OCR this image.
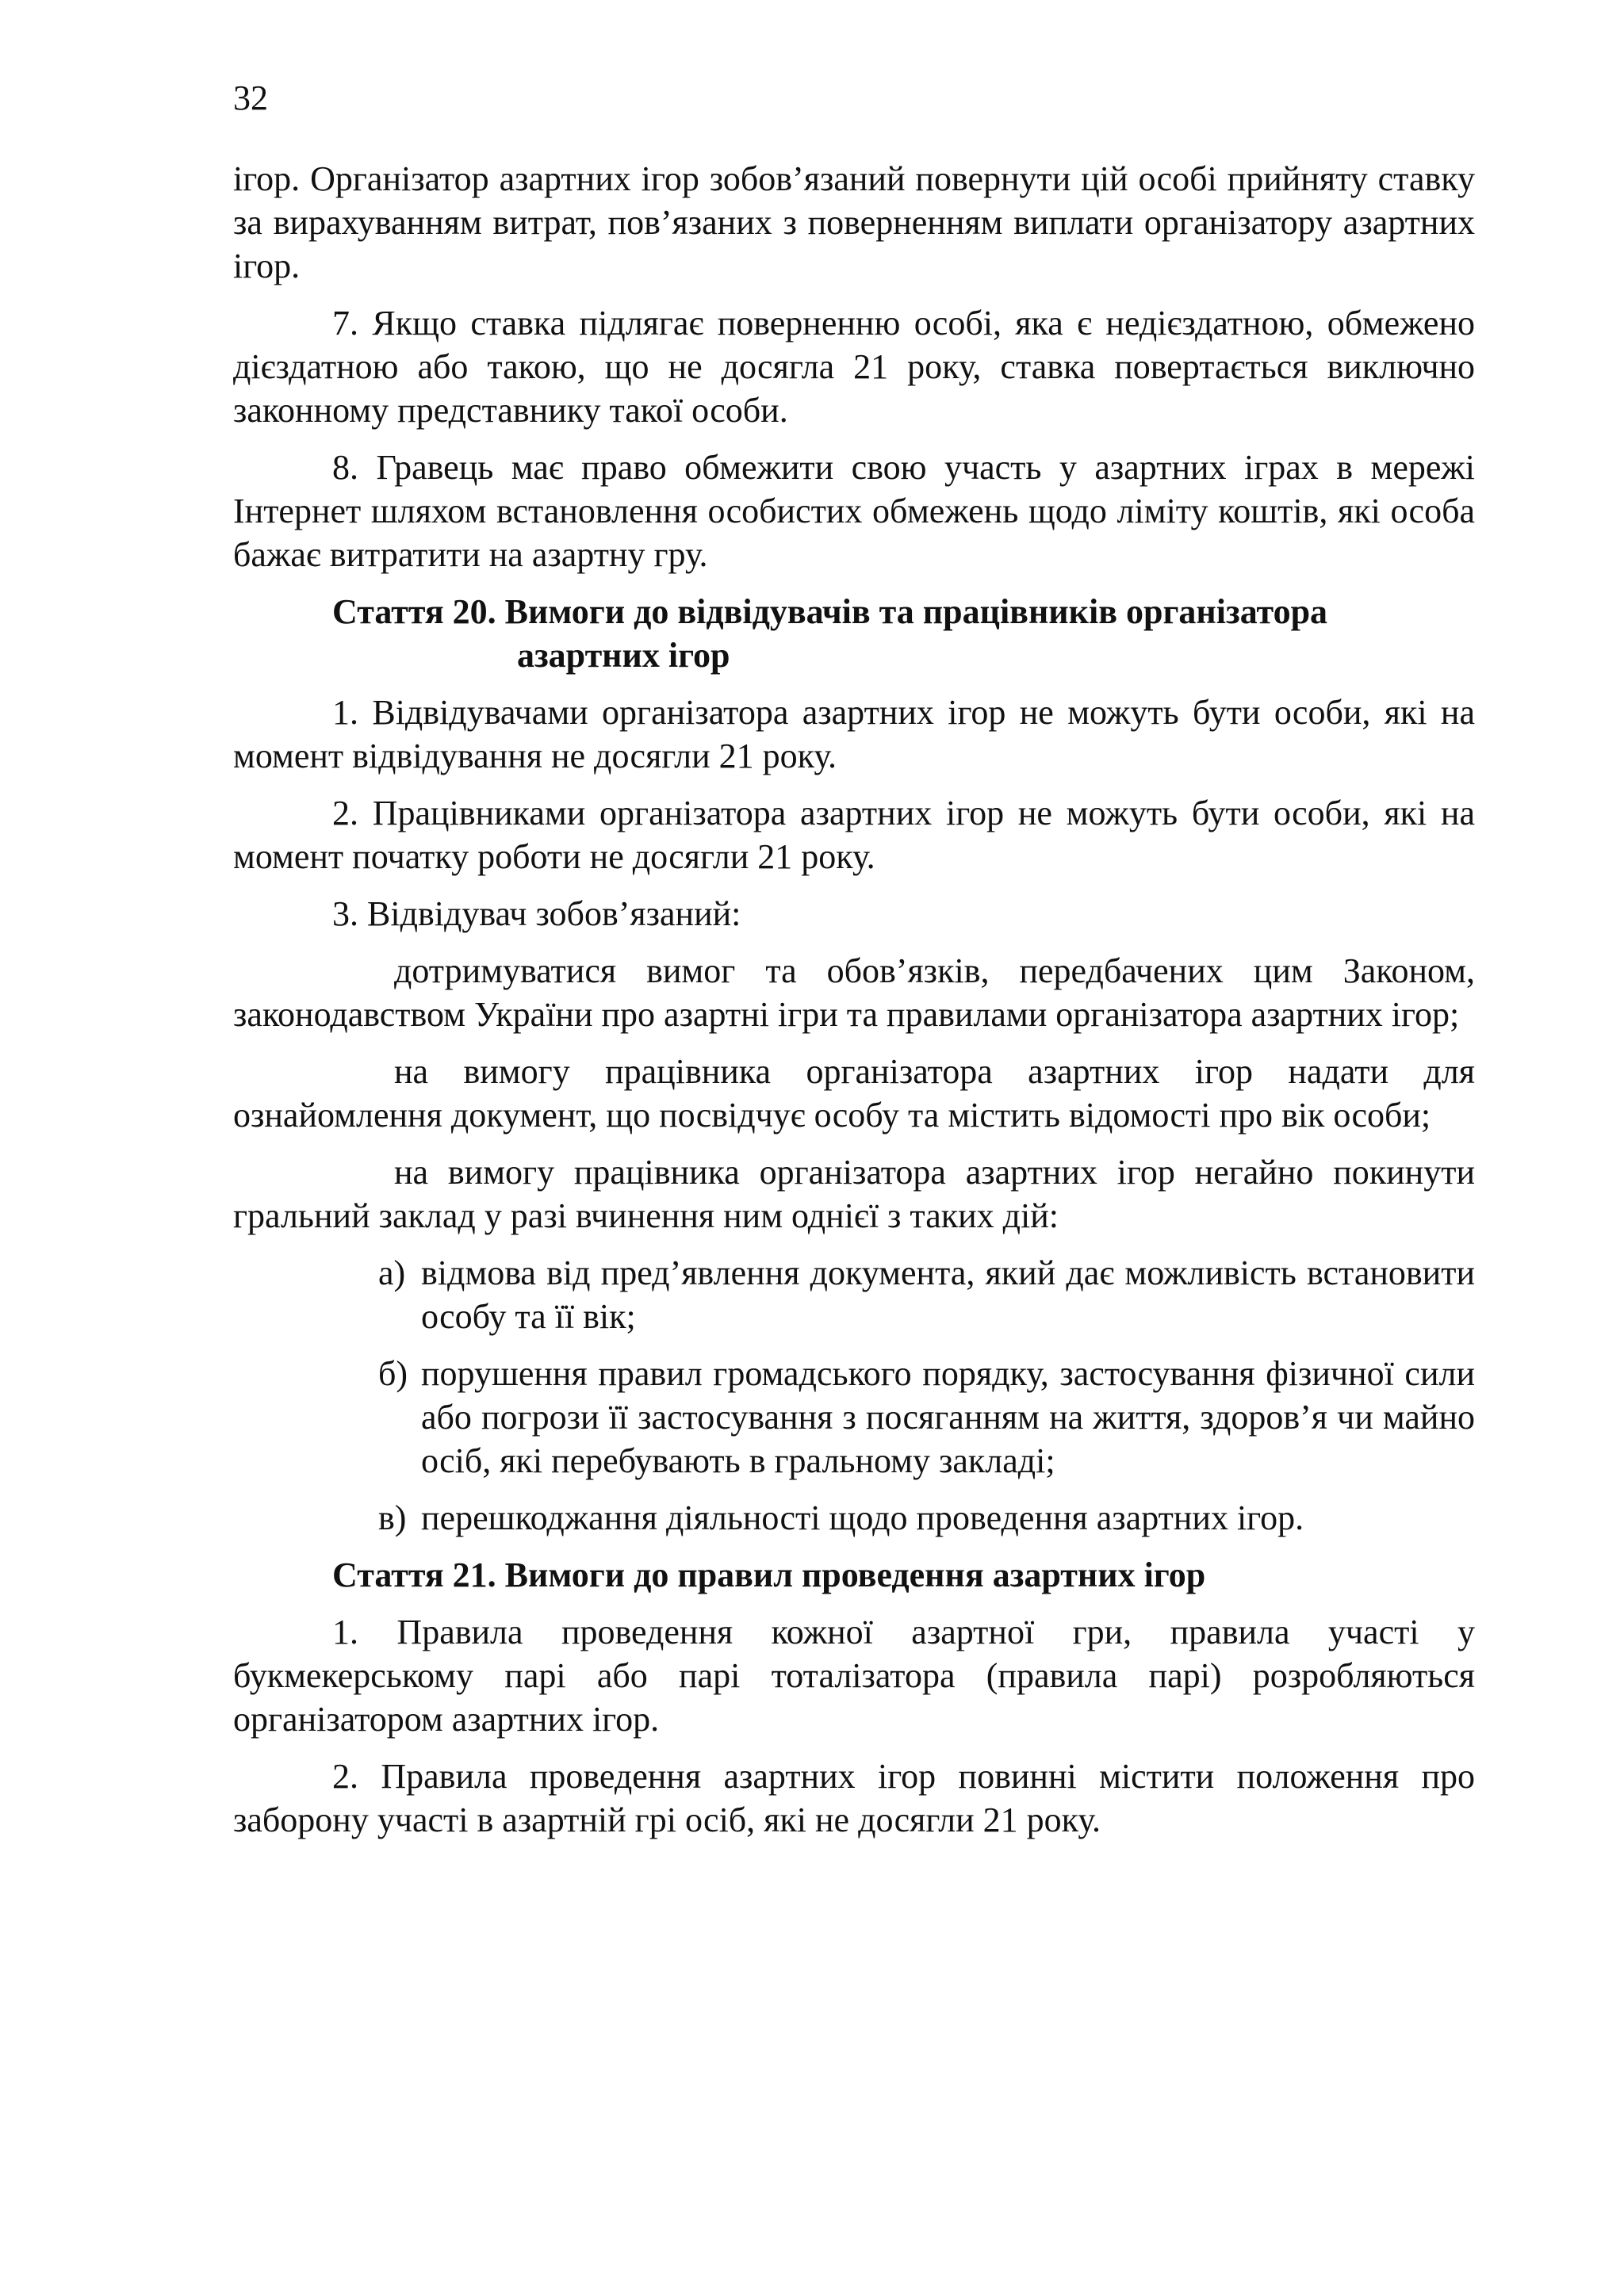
32

ігор. Організатор азартних ігор зобов’язаний повернути цій особі прийняту ставку за вирахуванням витрат, пов’язаних з поверненням виплати організатору азартних ігор.

7. Якщо ставка підлягає поверненню особі, яка є недієздатною, обмежено дієздатною або такою, що не досягла 21 року, ставка повертається виключно законному представнику такої особи.

8. Гравець має право обмежити свою участь у азартних іграх в мережі Інтернет шляхом встановлення особистих обмежень щодо ліміту коштів, які особа бажає витратити на азартну гру.

Стаття 20. Вимоги до відвідувачів та працівників організатора
азартних ігор

1. Відвідувачами організатора азартних ігор не можуть бути особи, які на момент відвідування не досягли 21 року.

2. Працівниками організатора азартних ігор не можуть бути особи, які на момент початку роботи не досягли 21 року.

3. Відвідувач зобов’язаний:

дотримуватися вимог та обов’язків, передбачених цим Законом, законодавством України про азартні ігри та правилами організатора азартних ігор;

на вимогу працівника організатора азартних ігор надати для ознайомлення документ, що посвідчує особу та містить відомості про вік особи;

на вимогу працівника організатора азартних ігор негайно покинути гральний заклад у разі вчинення ним однієї з таких дій:

а) відмова від пред’явлення документа, який дає можливість встановити особу та її вік;
б) порушення правил громадського порядку, застосування фізичної сили або погрози її застосування з посяганням на життя, здоров’я чи майно осіб, які перебувають в гральному закладі;
в) перешкоджання діяльності щодо проведення азартних ігор.

Стаття 21. Вимоги до правил проведення азартних ігор

1. Правила проведення кожної азартної гри, правила участі у букмекерському парі або парі тоталізатора (правила парі) розробляються організатором азартних ігор.

2. Правила проведення азартних ігор повинні містити положення про заборону участі в азартній грі осіб, які не досягли 21 року.
